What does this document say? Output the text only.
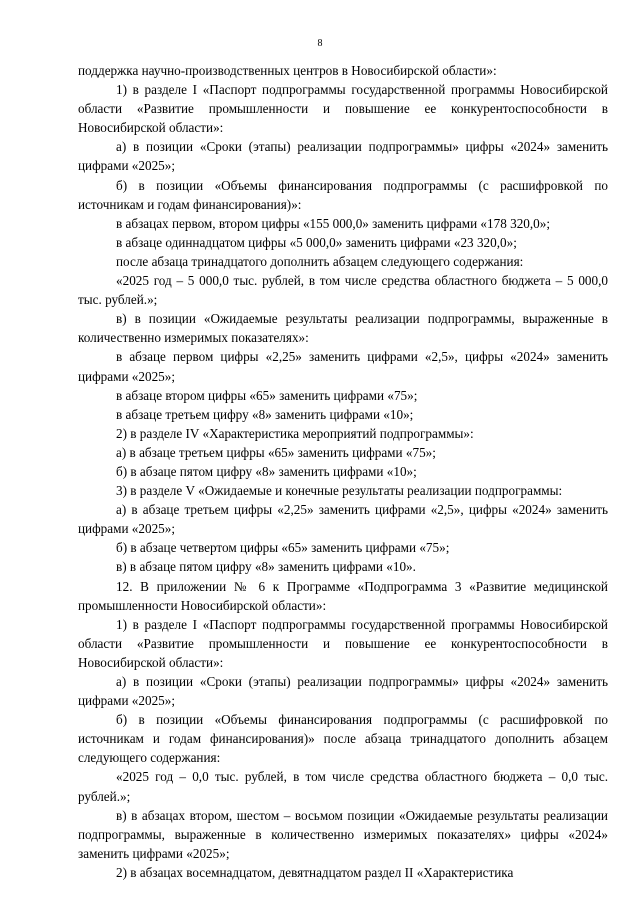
8

поддержка научно-производственных центров в Новосибирской области»:

1) в разделе I «Паспорт подпрограммы государственной программы Новосибирской области «Развитие промышленности и повышение ее конкурентоспособности в Новосибирской области»:

а) в позиции «Сроки (этапы) реализации подпрограммы» цифры «2024» заменить цифрами «2025»;

б) в позиции «Объемы финансирования подпрограммы (с расшифровкой по источникам и годам финансирования)»:

в абзацах первом, втором цифры «155 000,0» заменить цифрами «178 320,0»;

в абзаце одиннадцатом цифры «5 000,0» заменить цифрами «23 320,0»;

после абзаца тринадцатого дополнить абзацем следующего содержания:

«2025 год – 5 000,0 тыс. рублей, в том числе средства областного бюджета – 5 000,0 тыс. рублей.»;

в) в позиции «Ожидаемые результаты реализации подпрограммы, выраженные в количественно измеримых показателях»:

в абзаце первом цифры «2,25» заменить цифрами «2,5», цифры «2024» заменить цифрами «2025»;

в абзаце втором цифры «65» заменить цифрами «75»;

в абзаце третьем цифру «8» заменить цифрами «10»;

2) в разделе IV «Характеристика мероприятий подпрограммы»:

а) в абзаце третьем цифры «65» заменить цифрами «75»;

б) в абзаце пятом цифру «8» заменить цифрами «10»;

3) в разделе V «Ожидаемые и конечные результаты реализации подпрограммы:

а) в абзаце третьем цифры «2,25» заменить цифрами «2,5», цифры «2024» заменить цифрами «2025»;

б) в абзаце четвертом цифры «65» заменить цифрами «75»;

в) в абзаце пятом цифру «8» заменить цифрами «10».

12. В приложении № 6 к Программе «Подпрограмма 3 «Развитие медицинской промышленности Новосибирской области»:

1) в разделе I «Паспорт подпрограммы государственной программы Новосибирской области «Развитие промышленности и повышение ее конкурентоспособности в Новосибирской области»:

а) в позиции «Сроки (этапы) реализации подпрограммы» цифры «2024» заменить цифрами «2025»;

б) в позиции «Объемы финансирования подпрограммы (с расшифровкой по источникам и годам финансирования)» после абзаца тринадцатого дополнить абзацем следующего содержания:

«2025 год – 0,0 тыс. рублей, в том числе средства областного бюджета – 0,0 тыс. рублей.»;

в) в абзацах втором, шестом – восьмом позиции «Ожидаемые результаты реализации подпрограммы, выраженные в количественно измеримых показателях» цифры «2024» заменить цифрами «2025»;

2) в абзацах восемнадцатом, девятнадцатом раздел II «Характеристика
